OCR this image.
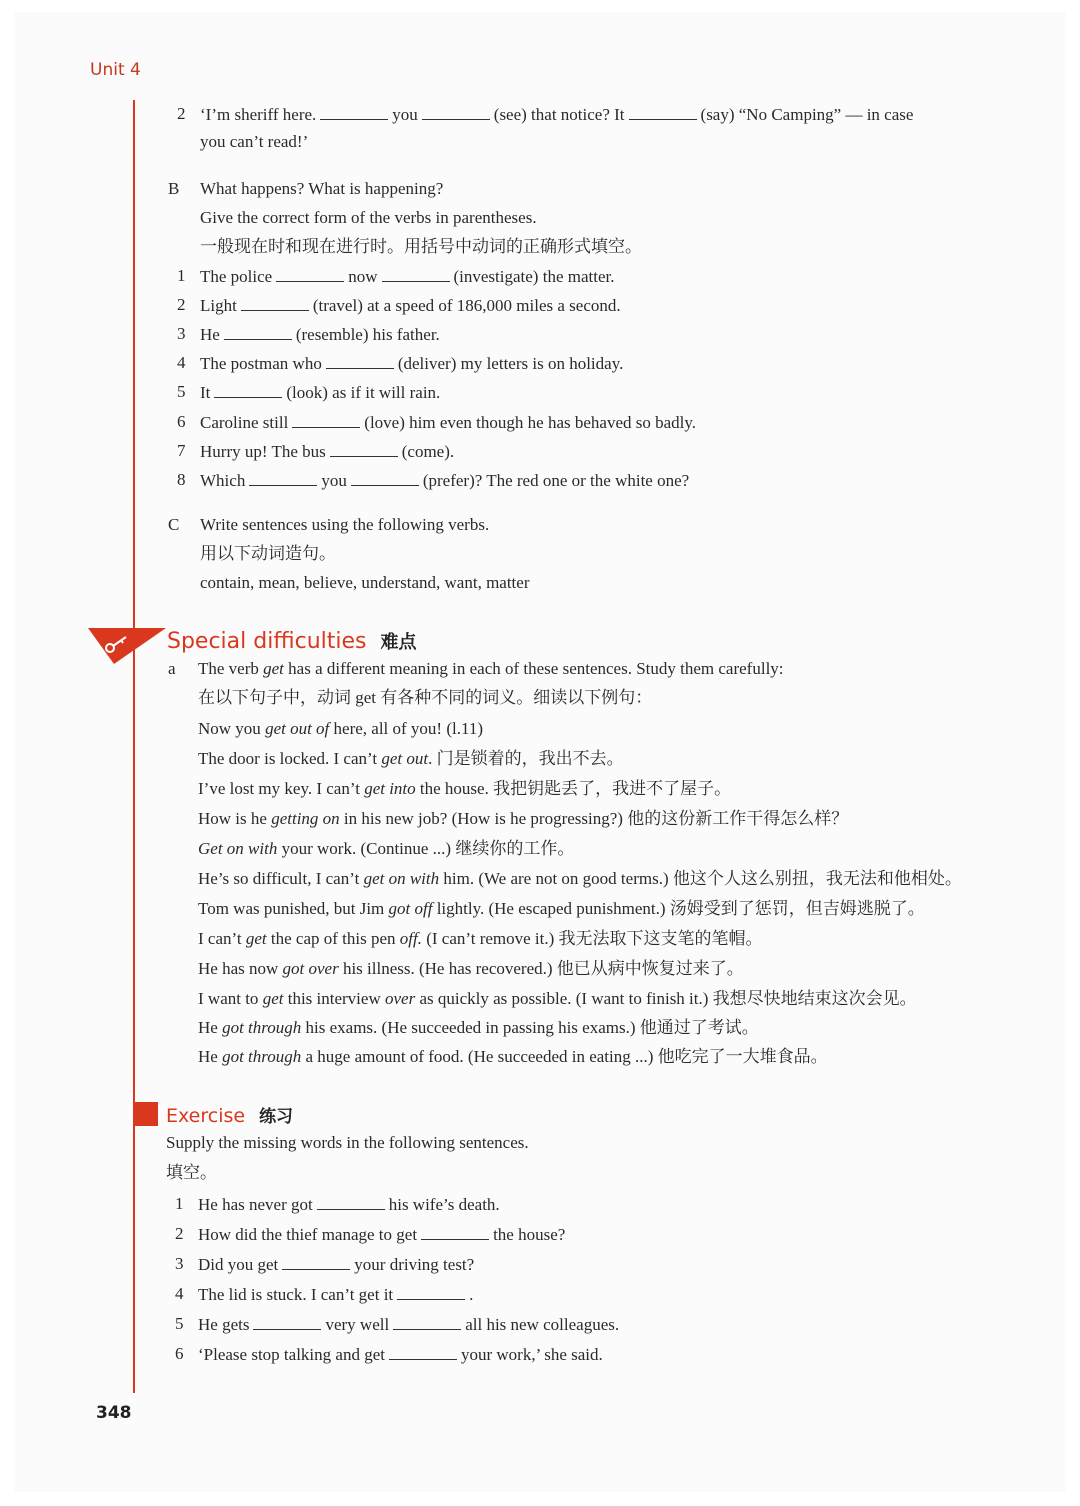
Unit 4
2 ‘I’m sheriff here.	you	(see) that notice? It	(say) “No Camping” — in case
you can’t read!’
B What happens? What is happening?
Give the correct form of the verbs in parentheses.
一般现在时和现在进行时。用括号中动词的正确形式填空。
1 The police	now	(investigate) the matter.
2 Light	(travel) at a speed of 186,000 miles a second.
3 He	(resemble) his father.
4 The postman who	(deliver) my letters is on holiday.
5 It	(look) as if it will rain.
6 Caroline still	(love) him even though he has behaved so badly.
7 Hurry up! The bus	(come).
8 Which	you	(prefer)? The red one or the white one?
C Write sentences using the following verbs.
用以下动词造句。
contain, mean, believe, understand, want, matter
Special difficulties 难点
a The verb get has a different meaning in each of these sentences. Study them carefully:
在以下句子中，动词 get 有各种不同的词义。细读以下例句：
Now you get out of here, all of you! (l.11)
The door is locked. I can’t get out. 门是锁着的，我出不去。
I’ve lost my key. I can’t get into the house. 我把钥匙丢了，我进不了屋子。
How is he getting on in his new job? (How is he progressing?) 他的这份新工作干得怎么样？
Get on with your work. (Continue ...) 继续你的工作。
He’s so difficult, I can’t get on with him. (We are not on good terms.) 他这个人这么别扭，我无法和他相处。
Tom was punished, but Jim got off lightly. (He escaped punishment.) 汤姆受到了惩罚，但吉姆逃脱了。
I can’t get the cap of this pen off. (I can’t remove it.) 我无法取下这支笔的笔帽。
He has now got over his illness. (He has recovered.) 他已从病中恢复过来了。
I want to get this interview over as quickly as possible. (I want to finish it.) 我想尽快地结束这次会见。
He got through his exams. (He succeeded in passing his exams.) 他通过了考试。
He got through a huge amount of food. (He succeeded in eating ...) 他吃完了一大堆食品。
Exercise 练习
Supply the missing words in the following sentences.
填空。
1 He has never got	his wife’s death.
2 How did the thief manage to get	the house?
3 Did you get	your driving test?
4 The lid is stuck. I can’t get it	.
5 He gets	very well	all his new colleagues.
6 ‘Please stop talking and get	your work,’ she said.
348
